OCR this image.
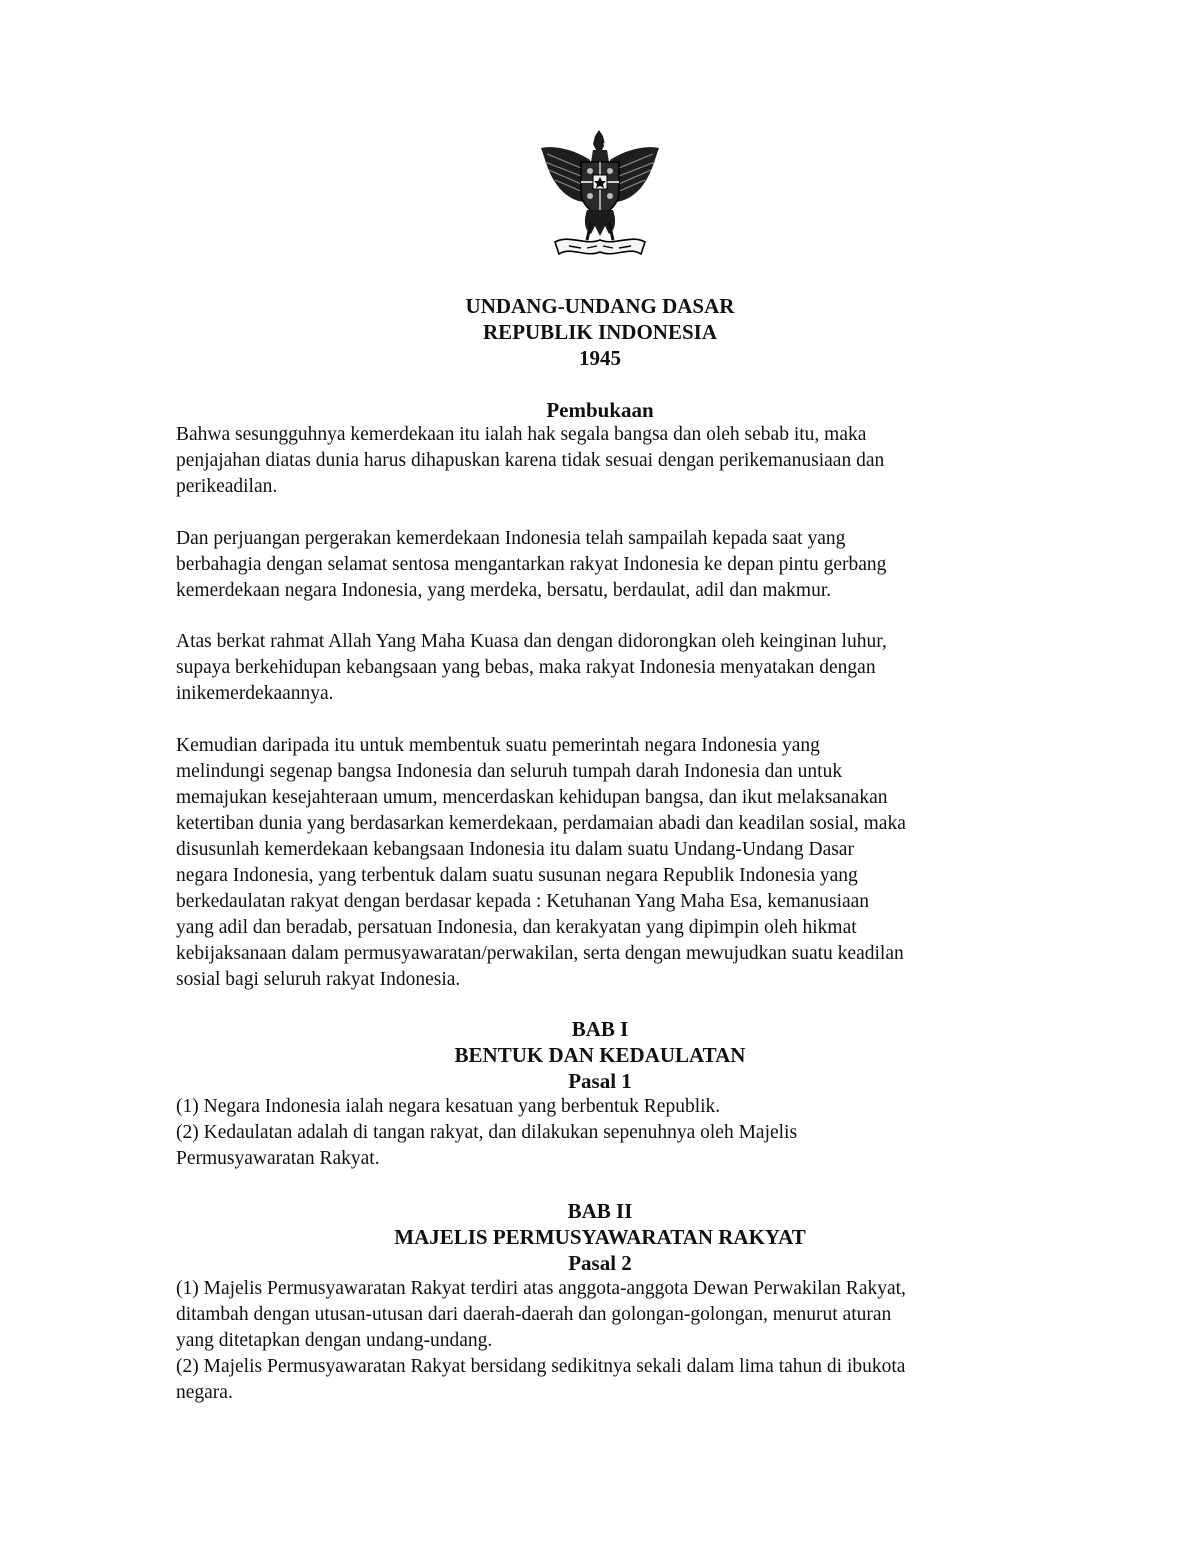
UNDANG-UNDANG DASAR
REPUBLIK INDONESIA
1945
Pembukaan

Bahwa sesungguhnya kemerdekaan itu ialah hak segala bangsa dan oleh sebab itu, maka

penjajahan diatas dunia harus dihapuskan karena tidak sesuai dengan perikemanusiaan dan

perikeadilan.

Dan perjuangan pergerakan kemerdekaan Indonesia telah sampailah kepada saat yang

berbahagia dengan selamat sentosa mengantarkan rakyat Indonesia ke depan pintu gerbang

kemerdekaan negara Indonesia, yang merdeka, bersatu, berdaulat, adil dan makmur.

Atas berkat rahmat Allah Yang Maha Kuasa dan dengan didorongkan oleh keinginan luhur,

supaya berkehidupan kebangsaan yang bebas, maka rakyat Indonesia menyatakan dengan

inikemerdekaannya.

Kemudian daripada itu untuk membentuk suatu pemerintah negara Indonesia yang

melindungi segenap bangsa Indonesia dan seluruh tumpah darah Indonesia dan untuk

memajukan kesejahteraan umum, mencerdaskan kehidupan bangsa, dan ikut melaksanakan

ketertiban dunia yang berdasarkan kemerdekaan, perdamaian abadi dan keadilan sosial, maka

disusunlah kemerdekaan kebangsaan Indonesia itu dalam suatu Undang-Undang Dasar

negara Indonesia, yang terbentuk dalam suatu susunan negara Republik Indonesia yang

berkedaulatan rakyat dengan berdasar kepada : Ketuhanan Yang Maha Esa, kemanusiaan

yang adil dan beradab, persatuan Indonesia, dan kerakyatan yang dipimpin oleh hikmat

kebijaksanaan dalam permusyawaratan/perwakilan, serta dengan mewujudkan suatu keadilan

sosial bagi seluruh rakyat Indonesia.

BAB I
BENTUK DAN KEDAULATAN
Pasal 1

(1) Negara Indonesia ialah negara kesatuan yang berbentuk Republik.

(2) Kedaulatan adalah di tangan rakyat, dan dilakukan sepenuhnya oleh Majelis

Permusyawaratan Rakyat.

BAB II
MAJELIS PERMUSYAWARATAN RAKYAT
Pasal 2

(1) Majelis Permusyawaratan Rakyat terdiri atas anggota-anggota Dewan Perwakilan Rakyat,

ditambah dengan utusan-utusan dari daerah-daerah dan golongan-golongan, menurut aturan

yang ditetapkan dengan undang-undang.

(2) Majelis Permusyawaratan Rakyat bersidang sedikitnya sekali dalam lima tahun di ibukota

negara.
